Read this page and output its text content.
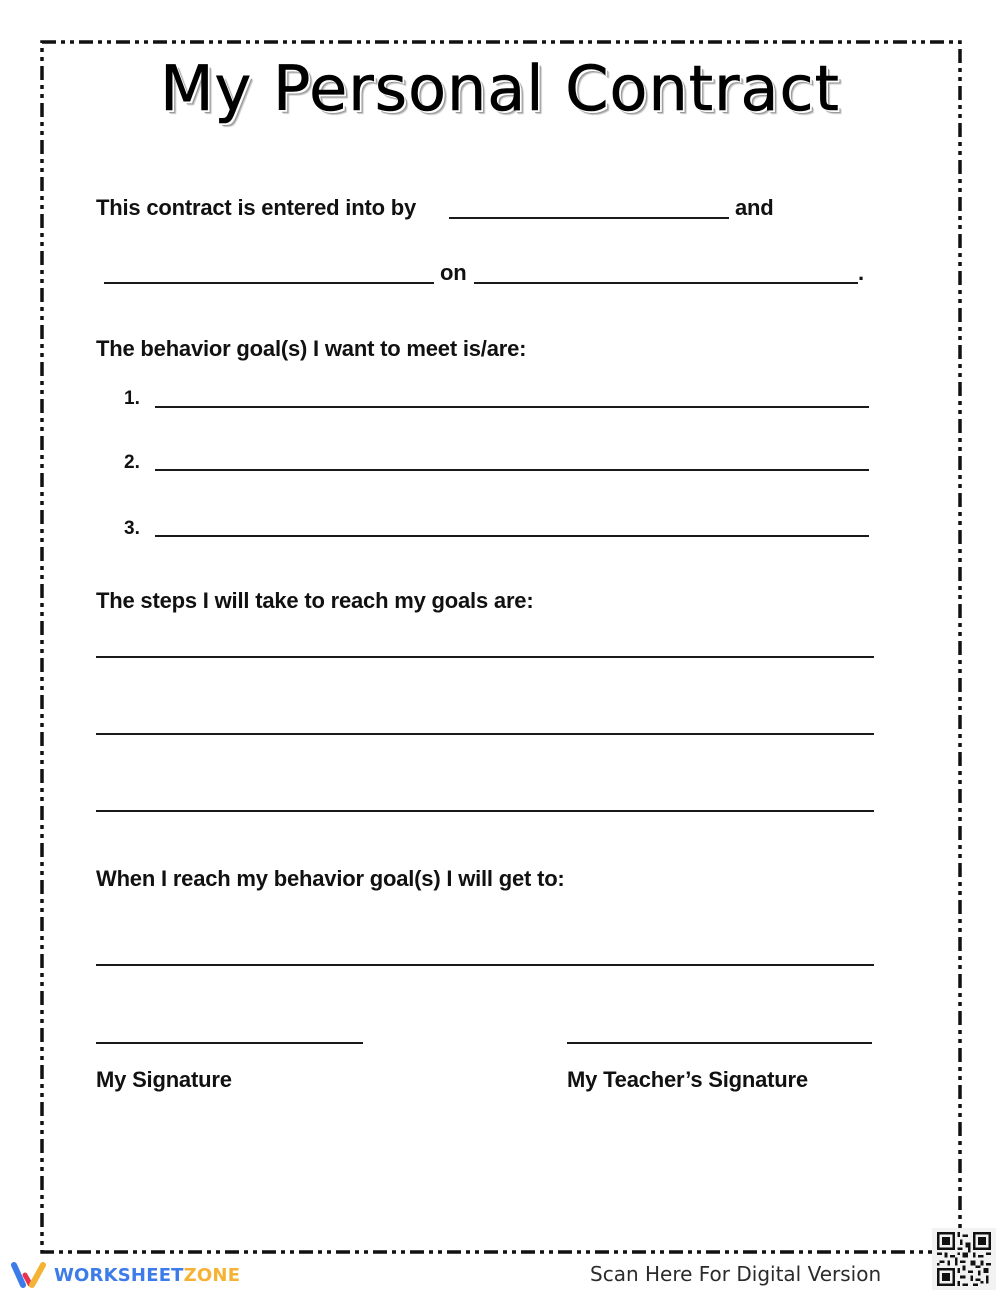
My Personal Contract
This contract is entered into by	and
on	.
The behavior goal(s) I want to meet is/are:
1.
2.
3.
The steps I will take to reach my goals are:
When I reach my behavior goal(s) I will get to:
My Signature	My Teacher’s Signature
WORKSHEETZONE	Scan Here For Digital Version
